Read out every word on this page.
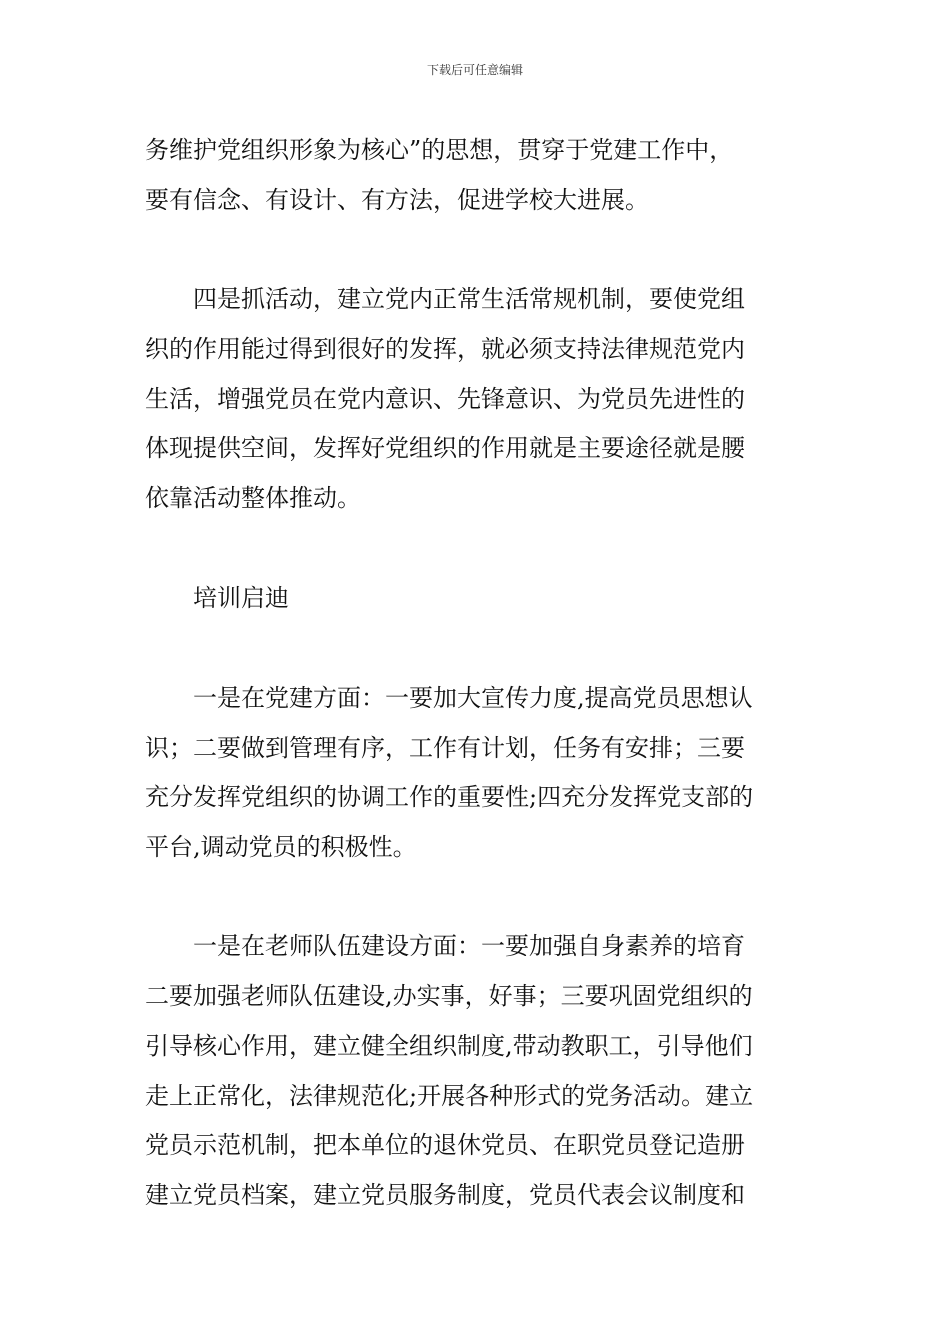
下载后可任意编辑
务维护党组织形象为核心”的思想，贯穿于党建工作中，
要有信念、有设计、有方法，促进学校大进展。
四是抓活动，建立党内正常生活常规机制，要使党组
织的作用能过得到很好的发挥，就必须支持法律规范党内
生活，增强党员在党内意识、先锋意识、为党员先进性的
体现提供空间，发挥好党组织的作用就是主要途径就是腰
依靠活动整体推动。
培训启迪
一是在党建方面：一要加大宣传力度,提高党员思想认
识；二要做到管理有序，工作有计划，任务有安排；三要
充分发挥党组织的协调工作的重要性;四充分发挥党支部的
平台,调动党员的积极性。
一是在老师队伍建设方面：一要加强自身素养的培育
二要加强老师队伍建设,办实事，好事；三要巩固党组织的
引导核心作用，建立健全组织制度,带动教职工，引导他们
走上正常化，法律规范化;开展各种形式的党务活动。建立
党员示范机制，把本单位的退休党员、在职党员登记造册
建立党员档案，建立党员服务制度，党员代表会议制度和
